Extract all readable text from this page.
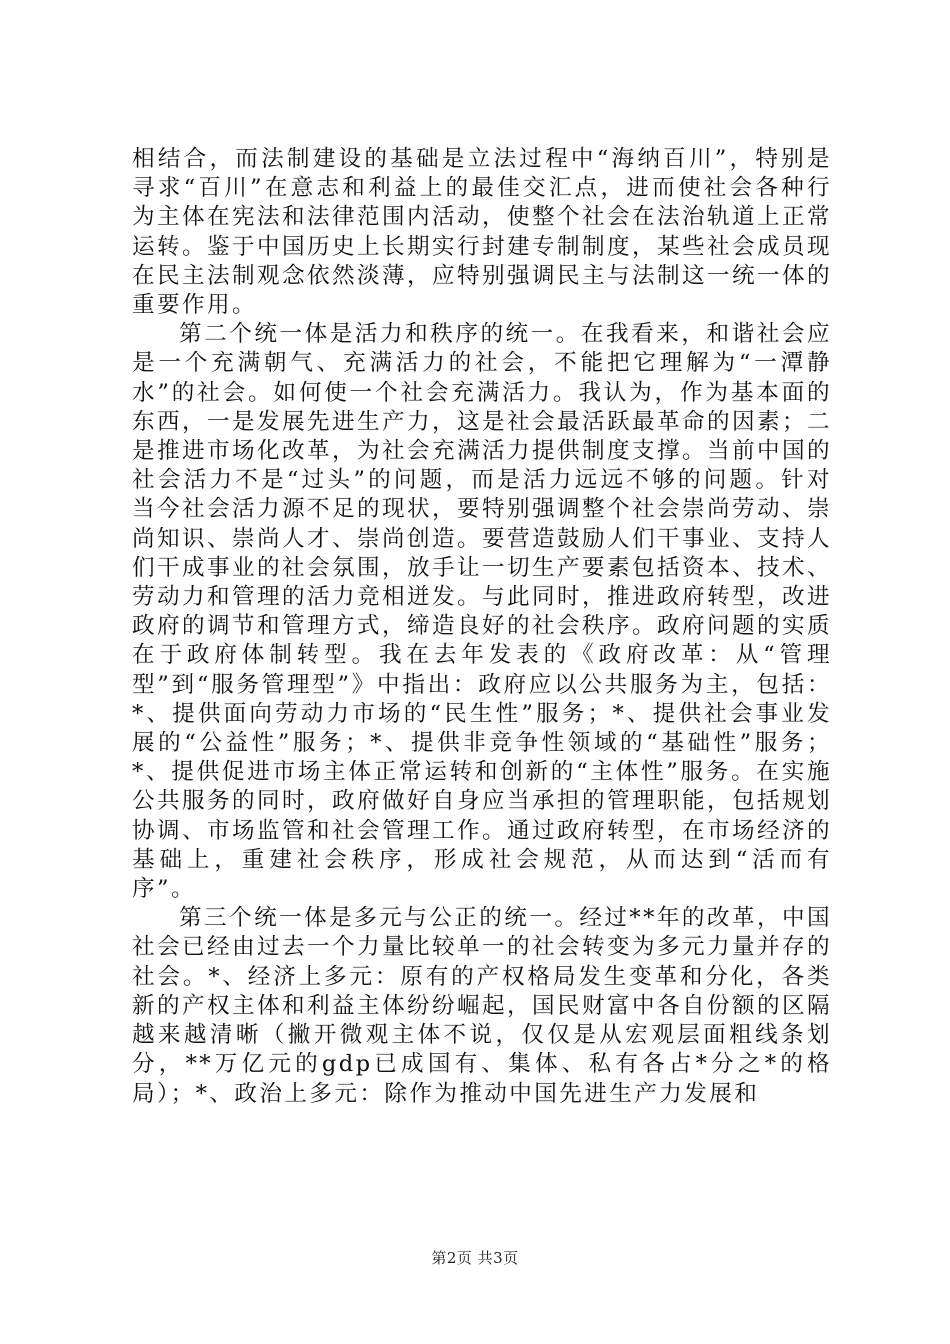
相结合，而法制建设的基础是立法过程中“海纳百川”，特别是寻求“百川”在意志和利益上的最佳交汇点，进而使社会各种行为主体在宪法和法律范围内活动，使整个社会在法治轨道上正常运转。鉴于中国历史上长期实行封建专制制度，某些社会成员现在民主法制观念依然淡薄，应特别强调民主与法制这一统一体的重要作用。

第二个统一体是活力和秩序的统一。在我看来，和谐社会应是一个充满朝气、充满活力的社会，不能把它理解为“一潭静水”的社会。如何使一个社会充满活力。我认为，作为基本面的东西，一是发展先进生产力，这是社会最活跃最革命的因素；二是推进市场化改革，为社会充满活力提供制度支撑。当前中国的社会活力不是“过头”的问题，而是活力远远不够的问题。针对当今社会活力源不足的现状，要特别强调整个社会崇尚劳动、崇尚知识、崇尚人才、崇尚创造。要营造鼓励人们干事业、支持人们干成事业的社会氛围，放手让一切生产要素包括资本、技术、劳动力和管理的活力竞相迸发。与此同时，推进政府转型，改进政府的调节和管理方式，缔造良好的社会秩序。政府问题的实质在于政府体制转型。我在去年发表的《政府改革：从“管理型”到“服务管理型”》中指出：政府应以公共服务为主，包括：*、提供面向劳动力市场的“民生性”服务；*、提供社会事业发展的“公益性”服务；*、提供非竞争性领域的“基础性”服务；*、提供促进市场主体正常运转和创新的“主体性”服务。在实施公共服务的同时，政府做好自身应当承担的管理职能，包括规划协调、市场监管和社会管理工作。通过政府转型，在市场经济的基础上，重建社会秩序，形成社会规范，从而达到“活而有序”。

第三个统一体是多元与公正的统一。经过**年的改革，中国社会已经由过去一个力量比较单一的社会转变为多元力量并存的社会。*、经济上多元：原有的产权格局发生变革和分化，各类新的产权主体和利益主体纷纷崛起，国民财富中各自份额的区隔越来越清晰（撇开微观主体不说，仅仅是从宏观层面粗线条划分，**万亿元的gdp已成国有、集体、私有各占*分之*的格局）；*、政治上多元：除作为推动中国先进生产力发展和

第2页 共3页
